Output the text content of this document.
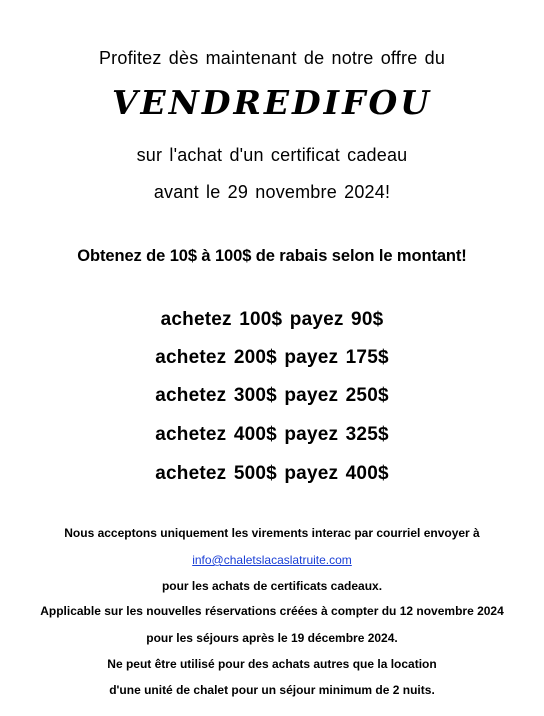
Profitez dès maintenant de notre offre du
VENDREDIFOU
sur l'achat d'un certificat cadeau
avant le 29 novembre 2024!
Obtenez de 10$ à 100$ de rabais selon le montant!
achetez 100$ payez 90$
achetez 200$ payez 175$
achetez 300$ payez 250$
achetez 400$ payez 325$
achetez 500$ payez 400$
Nous acceptons uniquement les virements interac par courriel envoyer à
info@chaletslacaslatruite.com
pour les achats de certificats cadeaux.
Applicable sur les nouvelles réservations créées à compter du 12 novembre 2024
pour les séjours après le 19 décembre 2024.
Ne peut être utilisé pour des achats autres que la location
d'une unité de chalet pour un séjour minimum de 2 nuits.
